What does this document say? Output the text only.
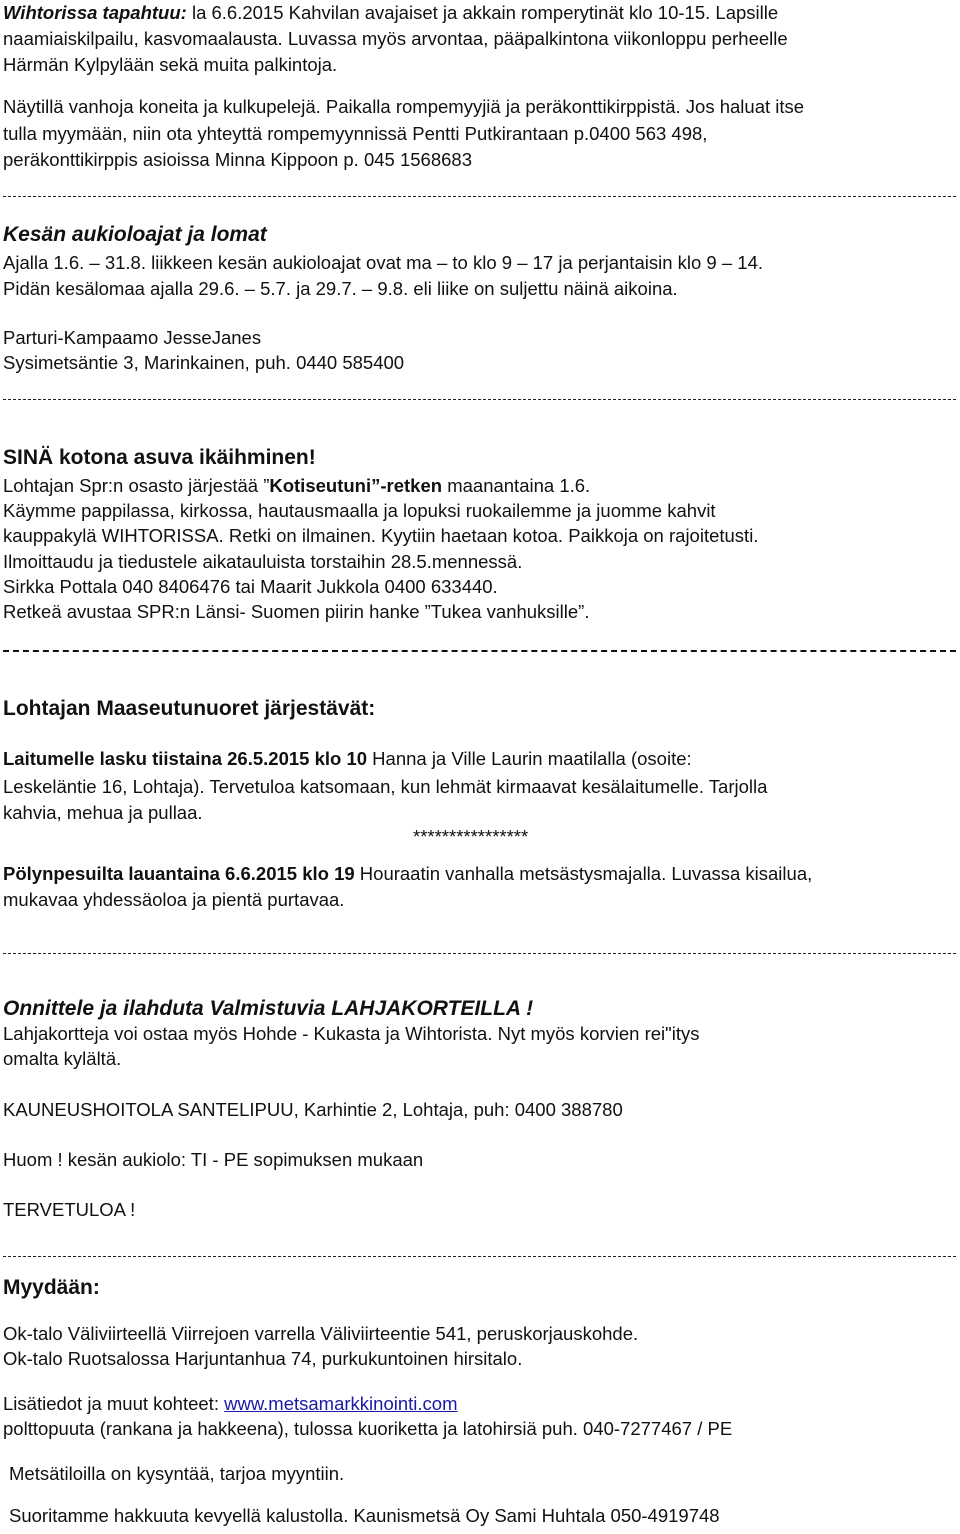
Wihtorissa tapahtuu: la 6.6.2015 Kahvilan avajaiset ja akkain romperytinät klo 10-15. Lapsille
naamiaiskilpailu, kasvomaalausta. Luvassa myös arvontaa, pääpalkintona viikonloppu perheelle
Härmän Kylpylään sekä muita palkintoja.
Näytillä vanhoja koneita ja kulkupelejä. Paikalla rompemyyjiä ja peräkonttikirppistä. Jos haluat itse
tulla myymään, niin ota yhteyttä rompemyynnissä Pentti Putkirantaan p.0400 563 498,
peräkonttikirppis asioissa Minna Kippoon p. 045 1568683
Kesän aukioloajat ja lomat
Ajalla 1.6. – 31.8. liikkeen kesän aukioloajat ovat ma – to klo 9 – 17 ja perjantaisin klo 9 – 14.
Pidän kesälomaa ajalla 29.6. – 5.7. ja 29.7. – 9.8. eli liike on suljettu näinä aikoina.
Parturi-Kampaamo JesseJanes
Sysimetsäntie 3, Marinkainen, puh. 0440 585400
SINÄ kotona asuva ikäihminen!
Lohtajan Spr:n osasto järjestää ”Kotiseutuni”-retken maanantaina 1.6.
Käymme pappilassa, kirkossa, hautausmaalla ja lopuksi ruokailemme ja juomme kahvit
kauppakylä WIHTORISSA. Retki on ilmainen. Kyytiin haetaan kotoa. Paikkoja on rajoitetusti.
Ilmoittaudu ja tiedustele aikatauluista torstaihin 28.5.mennessä.
Sirkka Pottala 040 8406476 tai Maarit Jukkola 0400 633440.
Retkeä avustaa SPR:n Länsi- Suomen piirin hanke ”Tukea vanhuksille”.
Lohtajan Maaseutunuoret järjestävät:
Laitumelle lasku tiistaina 26.5.2015 klo 10 Hanna ja Ville Laurin maatilalla (osoite:
Leskeläntie 16, Lohtaja). Tervetuloa katsomaan, kun lehmät kirmaavat kesälaitumelle. Tarjolla
kahvia, mehua ja pullaa.
****************
Pölynpesuilta lauantaina 6.6.2015 klo 19 Houraatin vanhalla metsästysmajalla. Luvassa kisailua,
mukavaa yhdessäoloa ja pientä purtavaa.
Onnittele ja ilahduta Valmistuvia LAHJAKORTEILLA !
Lahjakortteja voi ostaa myös Hohde - Kukasta ja Wihtorista. Nyt myös korvien rei"itys
omalta kylältä.
KAUNEUSHOITOLA SANTELIPUU, Karhintie 2, Lohtaja, puh: 0400 388780
Huom ! kesän aukiolo: TI - PE sopimuksen mukaan
TERVETULOA !
Myydään:
Ok-talo Väliviirteellä Viirrejoen varrella Väliviirteentie 541, peruskorjauskohde.
Ok-talo Ruotsalossa Harjuntanhua 74, purkukuntoinen hirsitalo.
Lisätiedot ja muut kohteet: www.metsamarkkinointi.com
polttopuuta (rankana ja hakkeena), tulossa kuoriketta ja latohirsiä puh. 040-7277467 / PE
Metsätiloilla on kysyntää, tarjoa myyntiin.
Suoritamme hakkuuta kevyellä kalustolla. Kaunismetsä Oy Sami Huhtala 050-4919748
